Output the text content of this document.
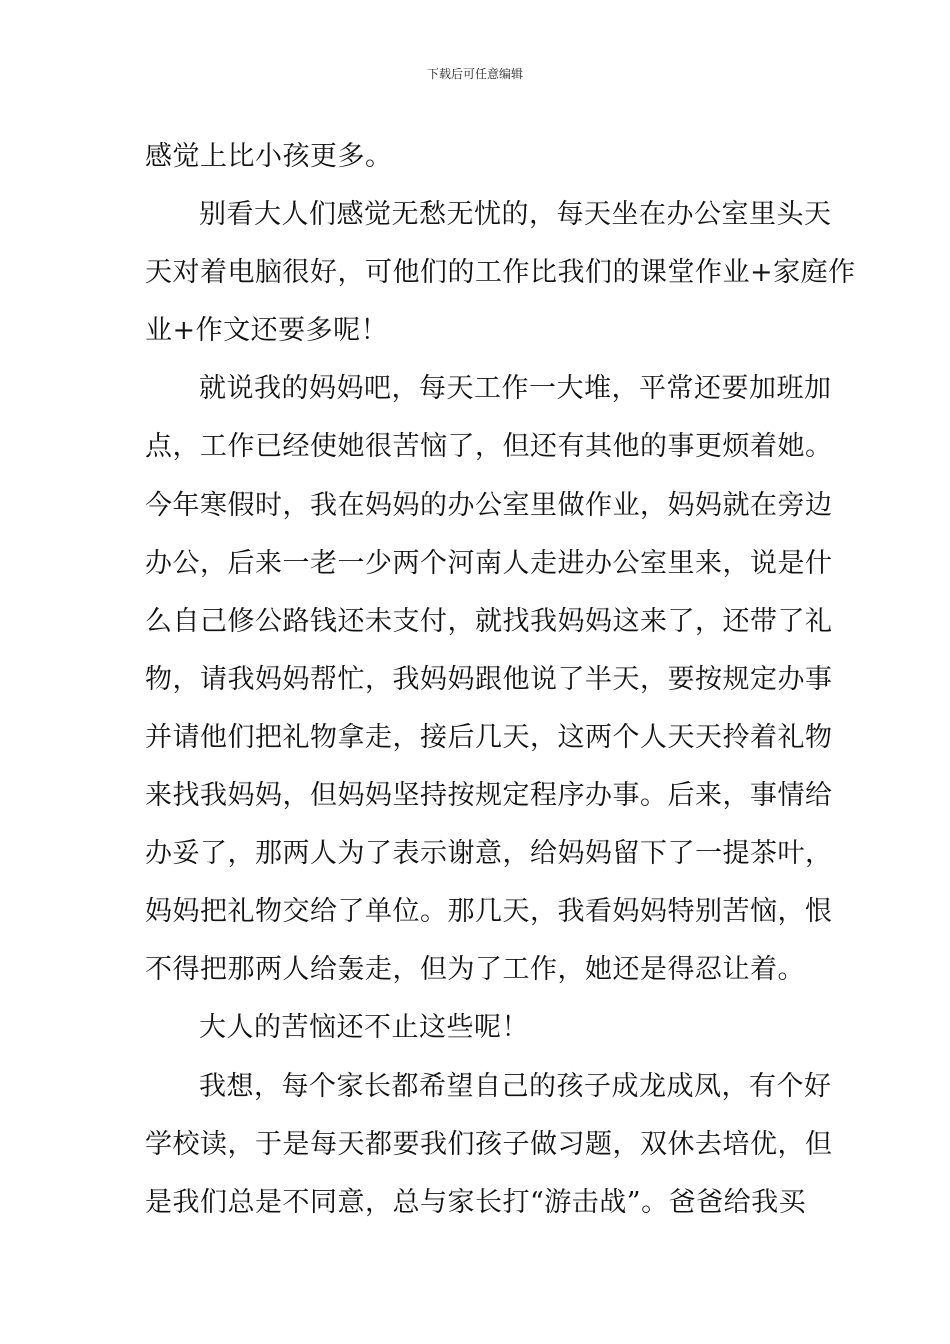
下载后可任意编辑
感觉上比小孩更多。
别看大人们感觉无愁无忧的，每天坐在办公室里头天
天对着电脑很好，可他们的工作比我们的课堂作业+家庭作
业+作文还要多呢！
就说我的妈妈吧，每天工作一大堆，平常还要加班加
点，工作已经使她很苦恼了，但还有其他的事更烦着她。
今年寒假时，我在妈妈的办公室里做作业，妈妈就在旁边
办公，后来一老一少两个河南人走进办公室里来，说是什
么自己修公路钱还未支付，就找我妈妈这来了，还带了礼
物，请我妈妈帮忙，我妈妈跟他说了半天，要按规定办事
并请他们把礼物拿走，接后几天，这两个人天天拎着礼物
来找我妈妈，但妈妈坚持按规定程序办事。后来，事情给
办妥了，那两人为了表示谢意，给妈妈留下了一提茶叶，
妈妈把礼物交给了单位。那几天，我看妈妈特别苦恼，恨
不得把那两人给轰走，但为了工作，她还是得忍让着。
大人的苦恼还不止这些呢！
我想，每个家长都希望自己的孩子成龙成凤，有个好
学校读，于是每天都要我们孩子做习题，双休去培优，但
是我们总是不同意，总与家长打“游击战”。爸爸给我买
